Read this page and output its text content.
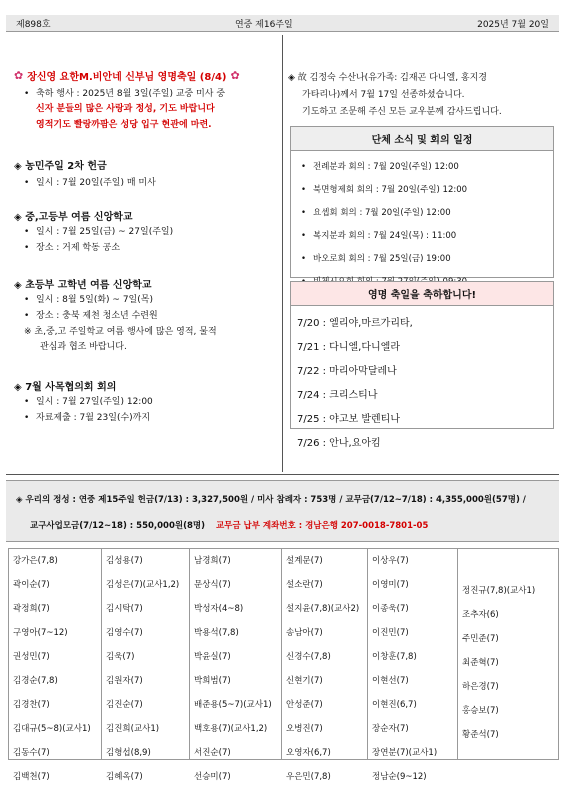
제898호	연중 제16주일	2025년 7월 20일
✿ 장신영 요한M.비안네 신부님 영명축일 (8/4) ✿
• 축하 행사 : 2025년 8월 3일(주일) 교중 미사 중
신자 분들의 많은 사랑과 정성, 기도 바랍니다
영적기도 빨랑까팜은 성당 입구 현관에 마련.
◈ 농민주일 2차 헌금
• 일시 : 7월 20일(주일) 매 미사
◈ 중,고등부 여름 신앙학교
• 일시 : 7월 25일(금) ~ 27일(주일)
• 장소 : 거제 학동 공소
◈ 초등부 고학년 여름 신앙학교
• 일시 : 8월 5일(화) ~ 7일(목)
• 장소 : 충북 제천 청소년 수련원
※ 초,중,고 주일학교 여름 행사에 많은 영적, 물적
관심과 협조 바랍니다.
◈ 7월 사목협의회 회의
• 일시 : 7월 27일(주일) 12:00
• 자료제출 : 7월 23일(수)까지
◈ 故 김정숙 수산나(유가족: 김재곤 다니엘, 홍지경
가타리나)께서 7월 17일 선종하셨습니다.
기도하고 조문해 주신 모든 교우분께 감사드립니다.
단체 소식 및 회의 일정
• 전례분과 회의 : 7월 20일(주일) 12:00
• 북면형제회 회의 : 7월 20일(주일) 12:00
• 요셉회 회의 : 7월 20일(주일) 12:00
• 복지분과 회의 : 7월 24일(목) : 11:00
• 바오로회 회의 : 7월 25일(금) 19:00
•
영명 축일을 축하합니다!
7/20 : 엘리야,마르가리타,
7/21 : 다니엘,다니엘라
7/22 : 마리아막달레나
7/24 : 크리스티나
7/25 : 야고보 발렌티나
7/26 : 안나,요아킴
◈ 우리의 정성 : 연중 제15주일 헌금(7/13) : 3,327,500원 / 미사 참례자 : 753명 / 교무금(7/12~7/18) : 4,355,000원(57명) /
교구사업모금(7/12~18) : 550,000원(8명) 교무금 납부 계좌번호 : 경남은행 207-0018-7801-05
강가은(7,8)
곽이순(7)
곽정희(7)
구영아(7~12)
권성민(7)
김경순(7,8)
김경찬(7)
김대규(5~8)(교사1)
김동수(7)
김백천(7)
김성용(7)
김성은(7)(교사1,2)
김시탁(7)
김영수(7)
김욱(7)
김원자(7)
김진순(7)
김진희(교사1)
김형섭(8,9)
김혜옥(7)
남경희(7)
문상식(7)
박성자(4~8)
박용석(7,8)
박윤실(7)
박희범(7)
배준용(5~7)(교사1)
백호용(7)(교사1,2)
서진순(7)
선승미(7)
설계문(7)
설소란(7)
설지윤(7,8)(교사2)
송남아(7)
신경수(7,8)
신현기(7)
안성준(7)
오병진(7)
오영자(6,7)
우은민(7,8)
이상우(7)
이영미(7)
이종욱(7)
이진민(7)
이창훈(7,8)
이현선(7)
이현진(6,7)
장순자(7)
장연분(7)(교사1)
정남순(9~12)
정진규(7,8)(교사1)
조추자(6)
주민준(7)
최준혁(7)
하은경(7)
홍승보(7)
황준석(7)
